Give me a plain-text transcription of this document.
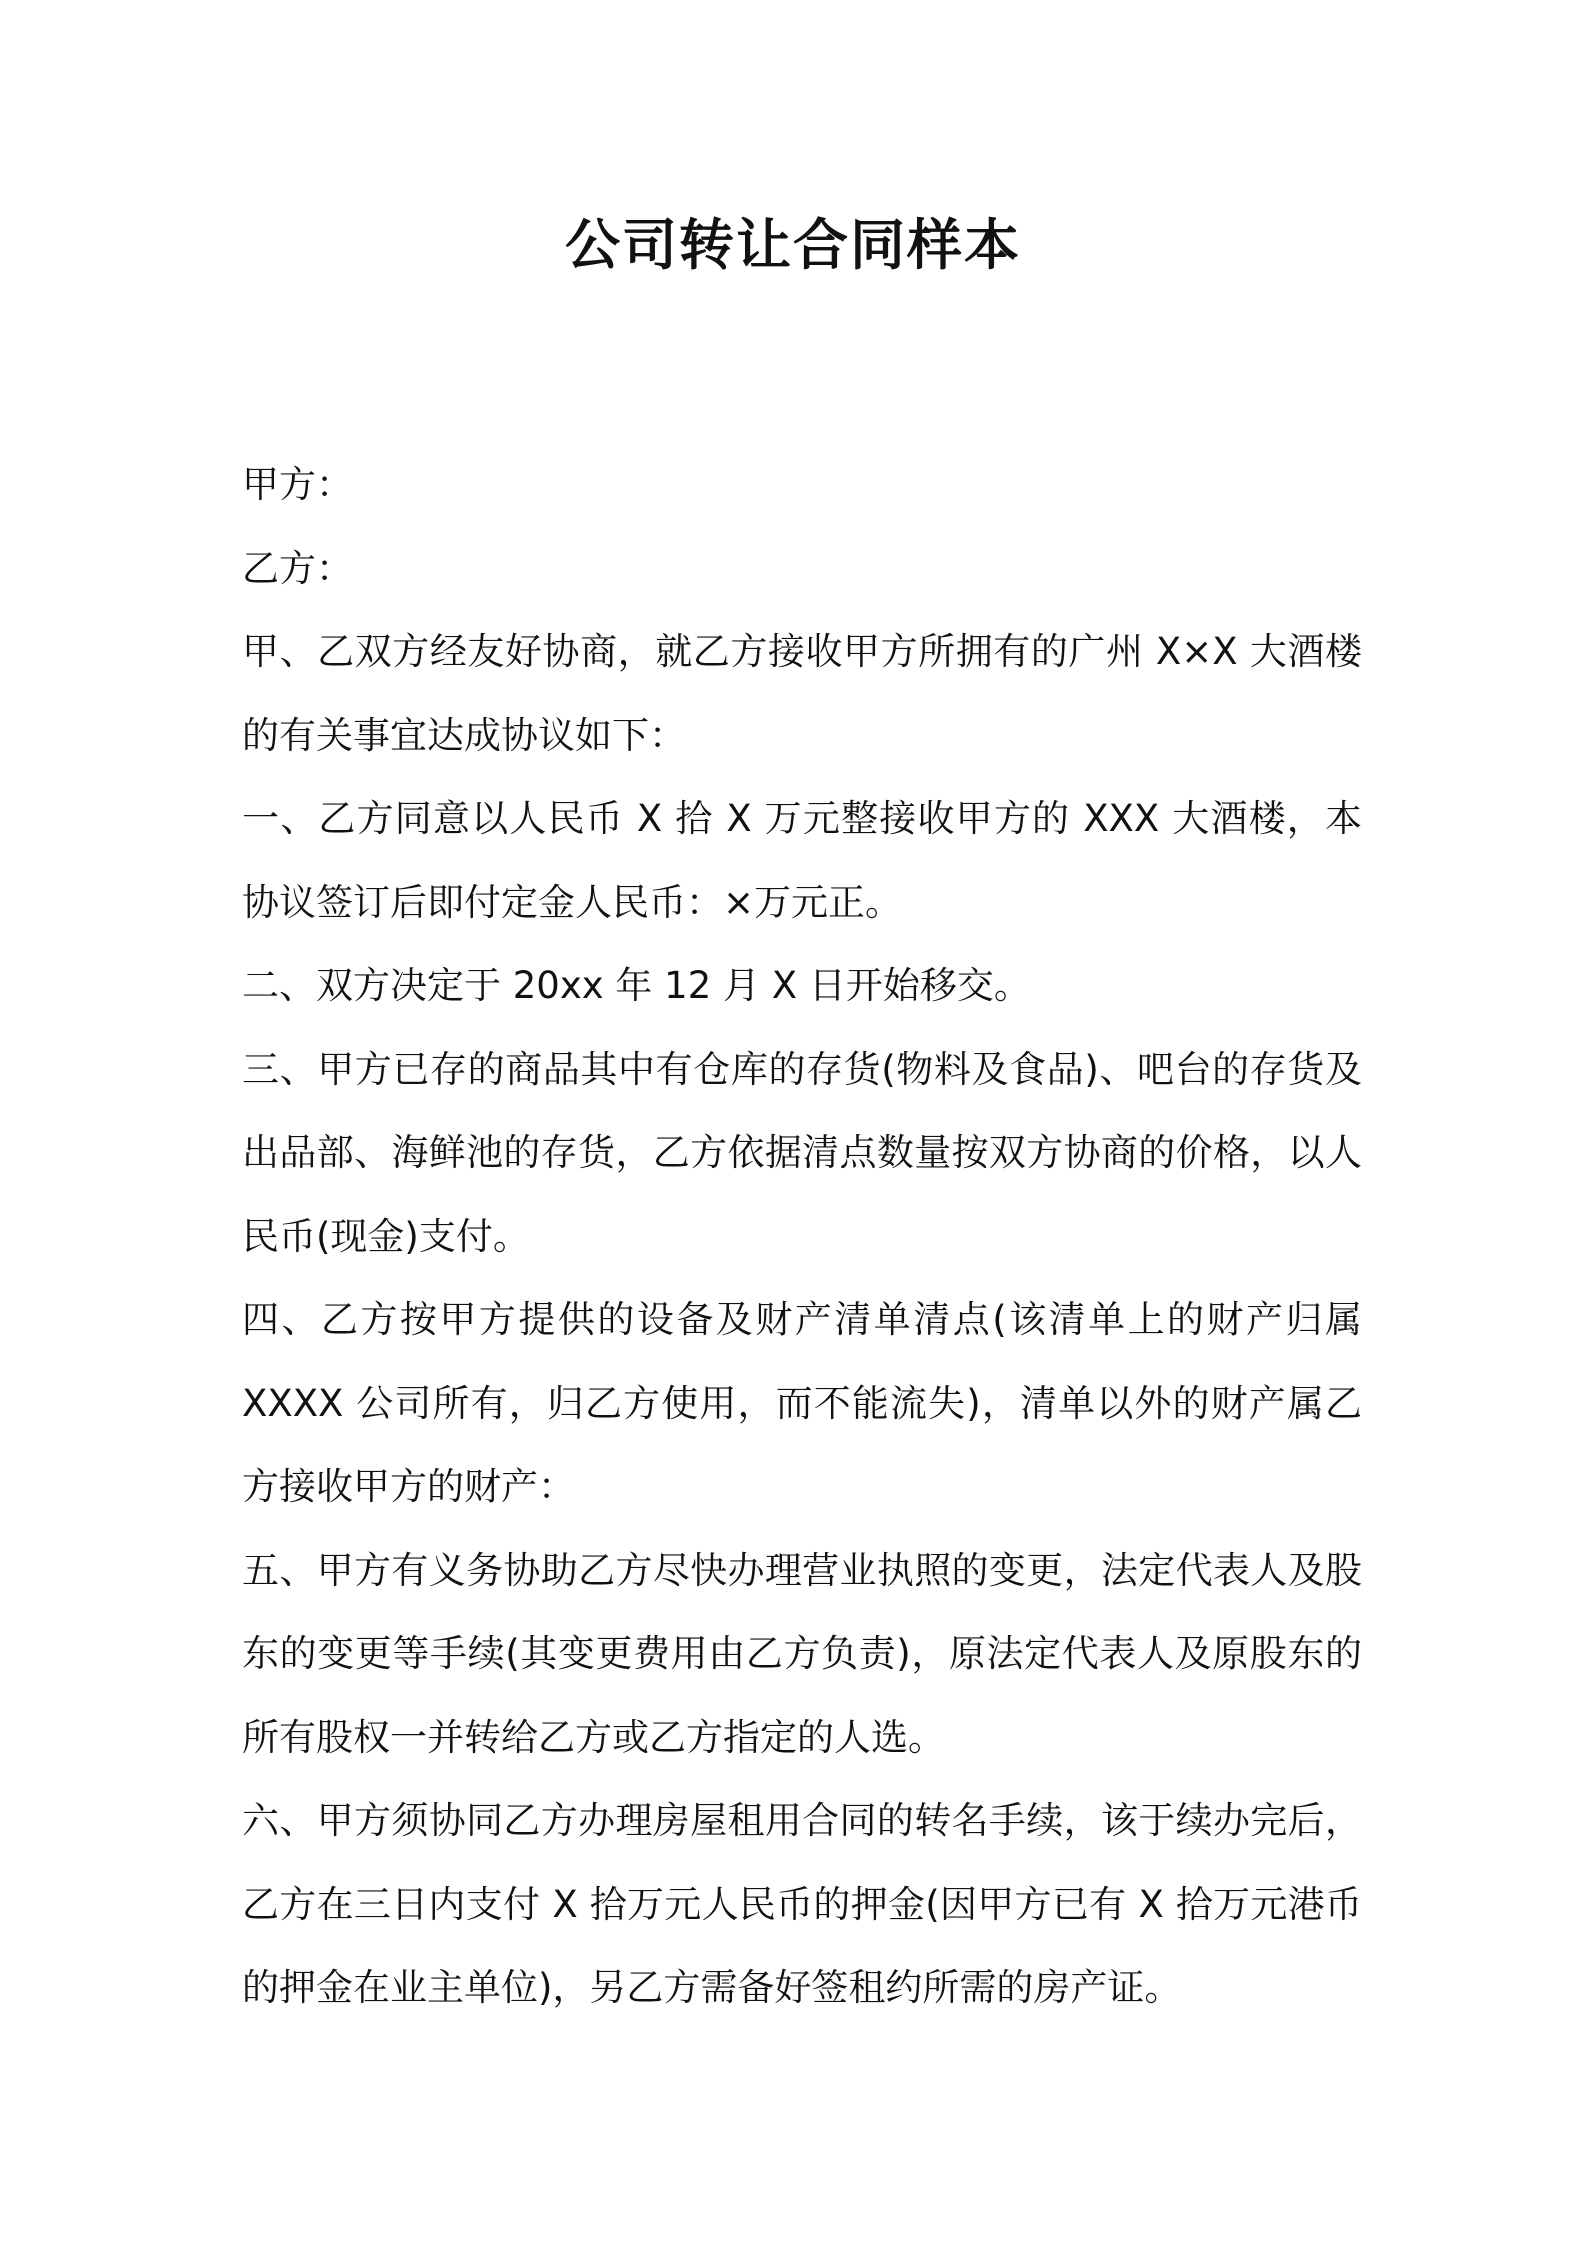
公司转让合同样本

甲方：

乙方：

甲、乙双方经友好协商，就乙方接收甲方所拥有的广州 X×X 大酒楼的有关事宜达成协议如下：

一、乙方同意以人民币 X 拾 X 万元整接收甲方的 XXX 大酒楼，本协议签订后即付定金人民币：×万元正。

二、双方决定于 20xx 年 12 月 X 日开始移交。

三、甲方已存的商品其中有仓库的存货(物料及食品)、吧台的存货及出品部、海鲜池的存货，乙方依据清点数量按双方协商的价格，以人民币(现金)支付。

四、乙方按甲方提供的设备及财产清单清点(该清单上的财产归属 XXXX 公司所有，归乙方使用，而不能流失)，清单以外的财产属乙方接收甲方的财产：

五、甲方有义务协助乙方尽快办理营业执照的变更，法定代表人及股东的变更等手续(其变更费用由乙方负责)，原法定代表人及原股东的所有股权一并转给乙方或乙方指定的人选。

六、甲方须协同乙方办理房屋租用合同的转名手续，该于续办完后，乙方在三日内支付 X 拾万元人民币的押金(因甲方已有 X 拾万元港币的押金在业主单位)，另乙方需备好签租约所需的房产证。
